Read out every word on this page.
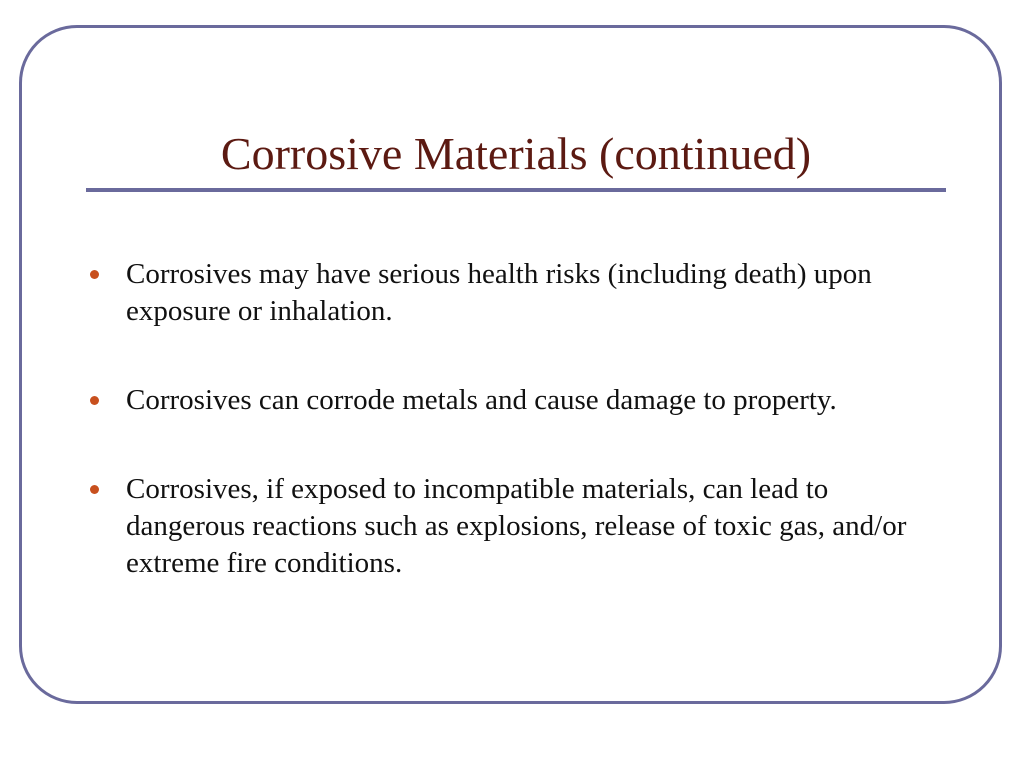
Corrosive Materials (continued)
Corrosives may have serious health risks (including death) upon exposure or inhalation.
Corrosives can corrode metals and cause damage to property.
Corrosives, if exposed to incompatible materials, can lead to dangerous reactions such as explosions, release of toxic gas, and/or extreme fire conditions.
